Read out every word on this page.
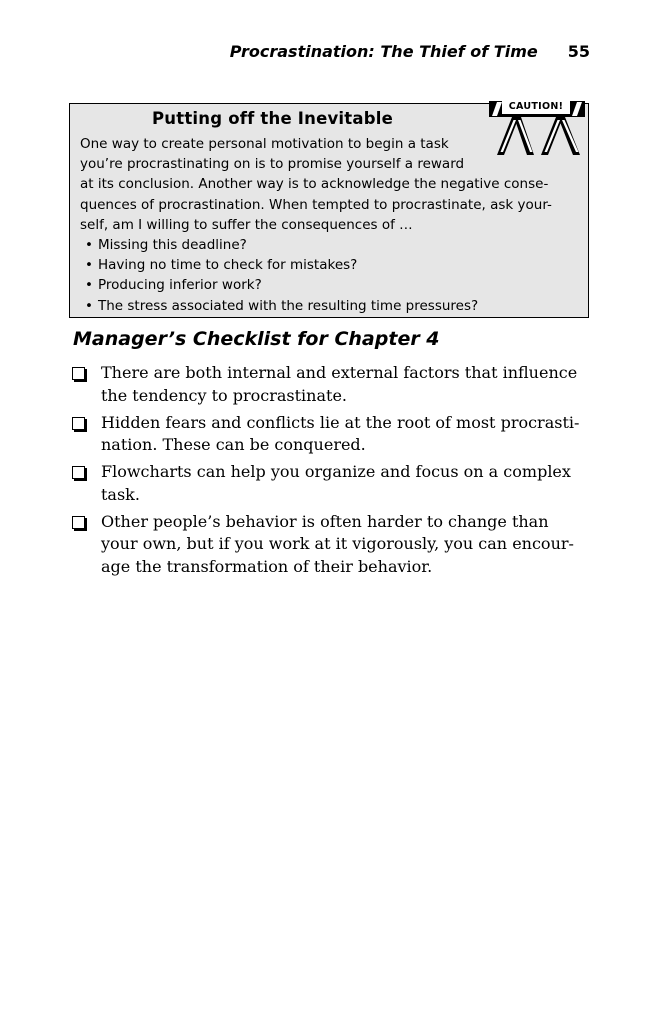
Procrastination: The Thief of Time 55
Putting off the Inevitable
CAUTION!
One way to create personal motivation to begin a task
you’re procrastinating on is to promise yourself a reward
at its conclusion. Another way is to acknowledge the negative conse-
quences of procrastination. When tempted to procrastinate, ask your-
self, am I willing to suffer the consequences of …
• Missing this deadline?
• Having no time to check for mistakes?
• Producing inferior work?
• The stress associated with the resulting time pressures?
Manager’s Checklist for Chapter 4
There are both internal and external factors that influence
the tendency to procrastinate.
Hidden fears and conflicts lie at the root of most procrasti-
nation. These can be conquered.
Flowcharts can help you organize and focus on a complex
task.
Other people’s behavior is often harder to change than
your own, but if you work at it vigorously, you can encour-
age the transformation of their behavior.
